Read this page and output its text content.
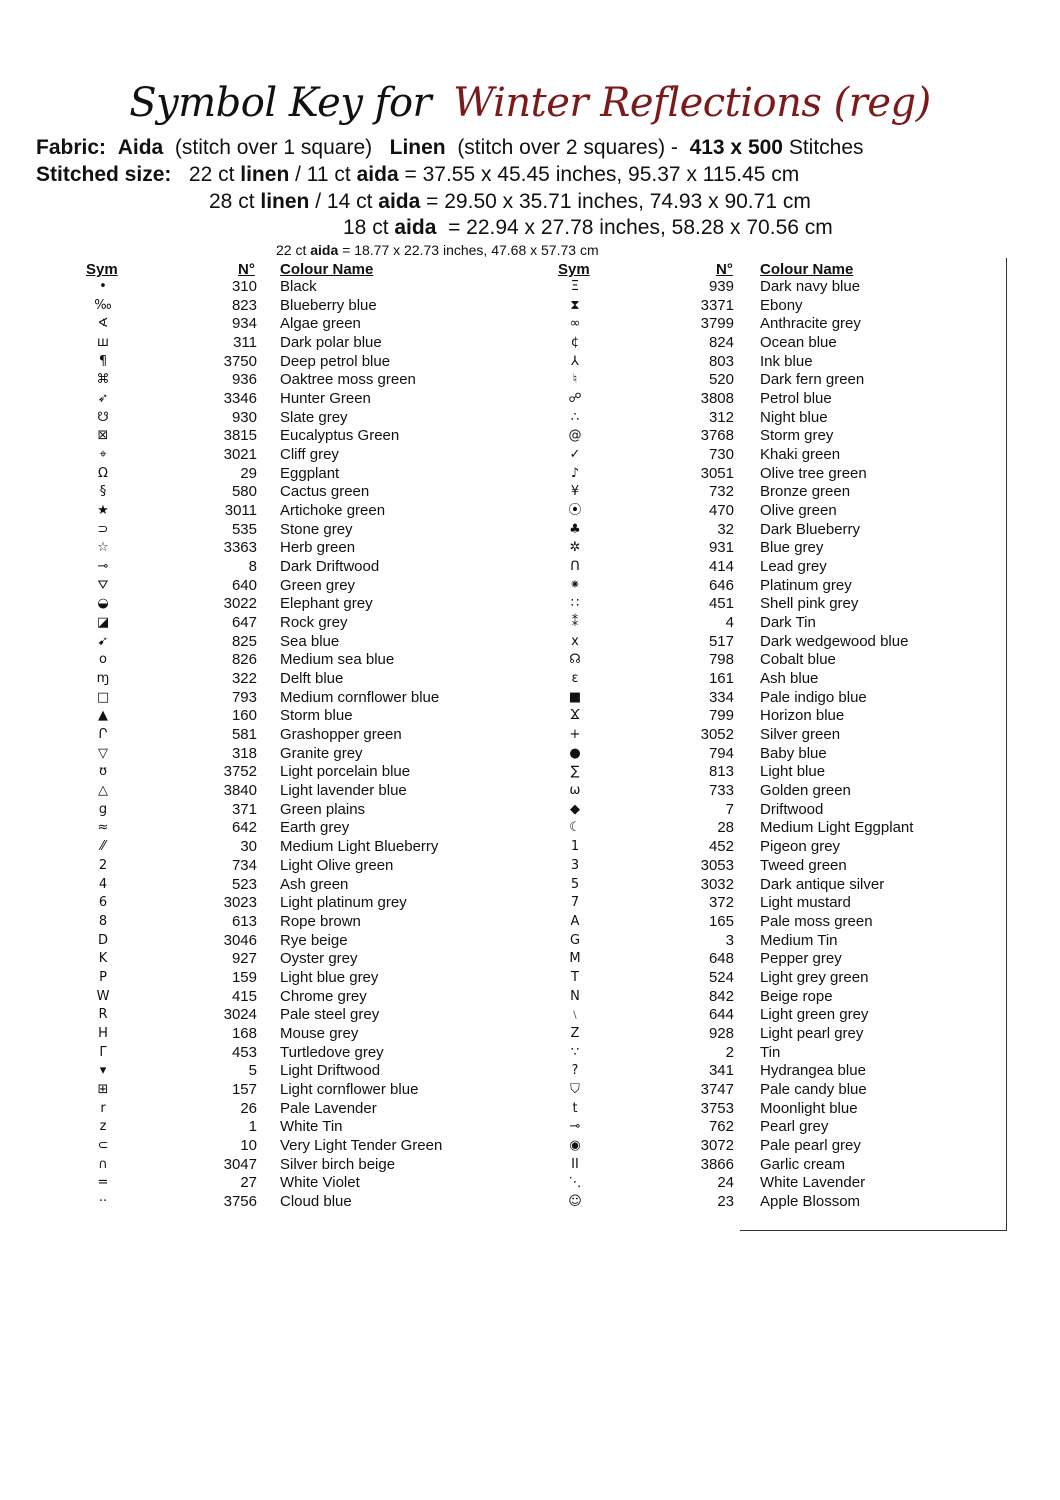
Symbol Key for Winter Reflections (reg)
Fabric: Aida (stitch over 1 square) Linen (stitch over 2 squares) - 413 x 500 Stitches
Stitched size: 22 ct linen / 11 ct aida = 37.55 x 45.45 inches, 95.37 x 115.45 cm
28 ct linen / 14 ct aida = 29.50 x 35.71 inches, 74.93 x 90.71 cm
18 ct aida = 22.94 x 27.78 inches, 58.28 x 70.56 cm
22 ct aida = 18.77 x 22.73 inches, 47.68 x 57.73 cm
Sym	N° Colour Name	Sym	N° Colour Name
•	310 Black
‰	823 Blueberry blue
∢	934 Algae green
ш	311 Dark polar blue
¶	3750 Deep petrol blue
⌘	936 Oaktree moss green
➶	3346 Hunter Green
☋	930 Slate grey
⊠	3815 Eucalyptus Green
⌖	3021 Cliff grey
Ω	29 Eggplant
§	580 Cactus green
★	3011 Artichoke green
⊃	535 Stone grey
☆	3363 Herb green
⊸	8 Dark Driftwood
⛛	640 Green grey
◒	3022 Elephant grey
◪	647 Rock grey
➹	825 Sea blue
o	826 Medium sea blue
ɱ	322 Delft blue
□	793 Medium cornflower blue
▲	160 Storm blue
Ր	581 Grashopper green
▽	318 Granite grey
ʊ	3752 Light porcelain blue
△	3840 Light lavender blue
g	371 Green plains
≈	642 Earth grey
⁄⁄	30 Medium Light Blueberry
2	734 Light Olive green
4	523 Ash green
6	3023 Light platinum grey
8	613 Rope brown
D	3046 Rye beige
K	927 Oyster grey
P	159 Light blue grey
W	415 Chrome grey
R	3024 Pale steel grey
H	168 Mouse grey
Γ	453 Turtledove grey
▾	5 Light Driftwood
⊞	157 Light cornflower blue
r	26 Pale Lavender
z	1 White Tin
⊂	10 Very Light Tender Green
∩	3047 Silver birch beige
=	27 White Violet
··	3756 Cloud blue
Ξ	939 Dark navy blue
⧗	3371 Ebony
∞	3799 Anthracite grey
¢	824 Ocean blue
⅄	803 Ink blue
♮	520 Dark fern green
☍	3808 Petrol blue
∴	312 Night blue
@	3768 Storm grey
✓	730 Khaki green
♪	3051 Olive tree green
¥	732 Bronze green
⦿	470 Olive green
♣	32 Dark Blueberry
✲	931 Blue grey
ᑎ	414 Lead grey
⁕	646 Platinum grey
∷	451 Shell pink grey
⁑	4 Dark Tin
x	517 Dark wedgewood blue
☊	798 Cobalt blue
ɛ	161 Ash blue
■	334 Pale indigo blue
Ϫ	799 Horizon blue
+	3052 Silver green
●	794 Baby blue
∑	813 Light blue
ω	733 Golden green
◆	7 Driftwood
☾	28 Medium Light Eggplant
1	452 Pigeon grey
3	3053 Tweed green
5	3032 Dark antique silver
7	372 Light mustard
A	165 Pale moss green
G	3 Medium Tin
M	648 Pepper grey
T	524 Light grey green
N	842 Beige rope
﹨	644 Light green grey
Z	928 Light pearl grey
∵	2 Tin
?	341 Hydrangea blue
⛉	3747 Pale candy blue
t	3753 Moonlight blue
⊸	762 Pearl grey
◉	3072 Pale pearl grey
II	3866 Garlic cream
⋱	24 White Lavender
☺	23 Apple Blossom
